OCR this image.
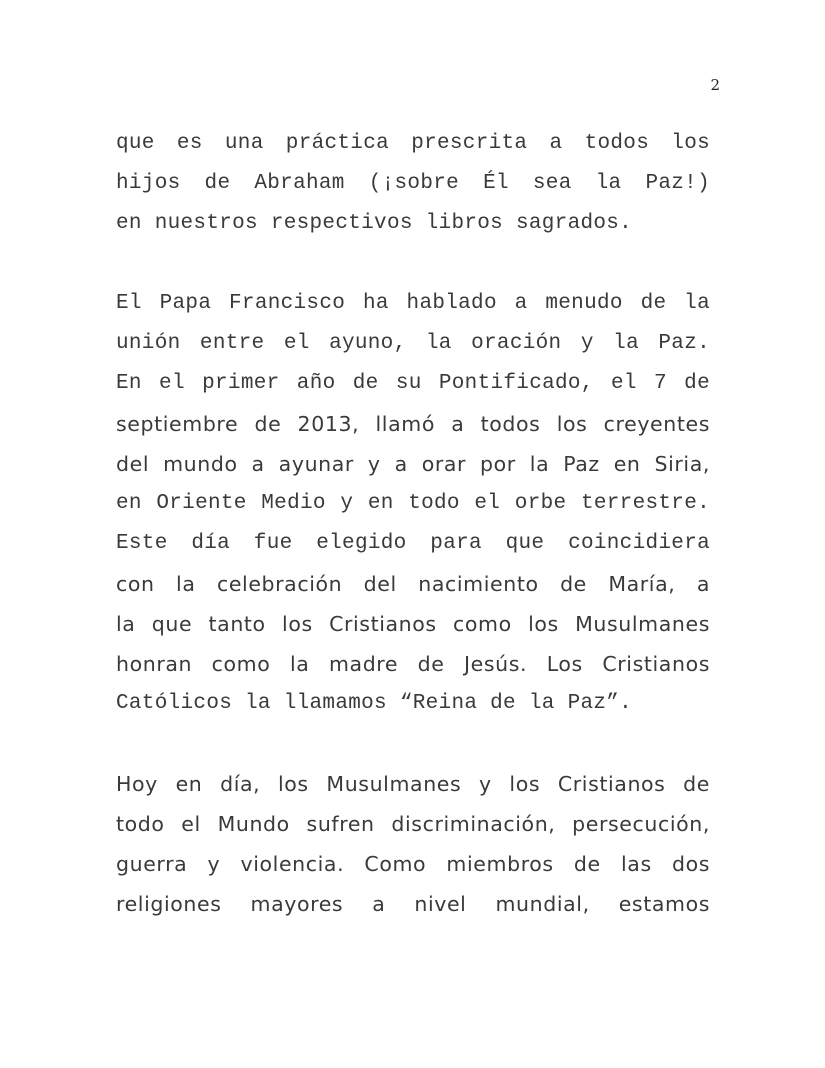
2
que es una práctica prescrita a todos los
hijos de Abraham (¡sobre Él sea la Paz!)
en nuestros respectivos libros sagrados.
El Papa Francisco ha hablado a menudo de la
unión entre el ayuno, la oración y la Paz.
En el primer año de su Pontificado, el 7 de
septiembre de 2013, llamó a todos los creyentes
del mundo a ayunar y a orar por la Paz en Siria,
en Oriente Medio y en todo el orbe terrestre.
Este día fue elegido para que coincidiera
con la celebración del nacimiento de María, a
la que tanto los Cristianos como los Musulmanes
honran como la madre de Jesús. Los Cristianos
Católicos la llamamos “Reina de la Paz”.
Hoy en día, los Musulmanes y los Cristianos de
todo el Mundo sufren discriminación, persecución,
guerra y violencia. Como miembros de las dos
religiones mayores a nivel mundial, estamos
